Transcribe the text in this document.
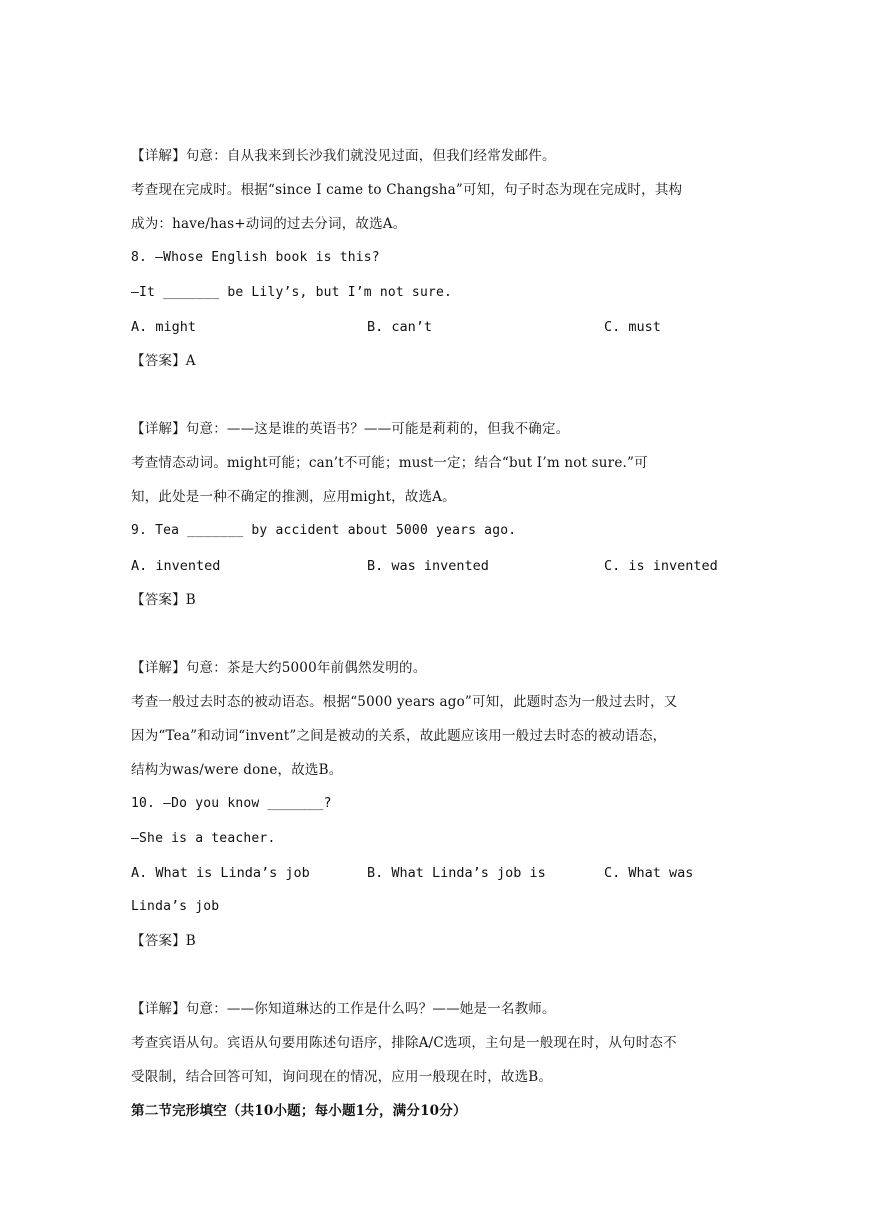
【详解】句意：自从我来到长沙我们就没见过面，但我们经常发邮件。
考查现在完成时。根据“since I came to Changsha”可知，句子时态为现在完成时，其构
成为：have/has+动词的过去分词，故选A。
8. —Whose English book is this?
—It _______ be Lily’s, but I’m not sure.
A. might	B. can’t	C. must
【答案】A
【详解】句意：——这是谁的英语书？——可能是莉莉的，但我不确定。
考查情态动词。might可能；can’t不可能；must一定；结合“but I’m not sure.”可
知，此处是一种不确定的推测，应用might，故选A。
9. Tea _______ by accident about 5000 years ago.
A. invented	B. was invented	C. is invented
【答案】B
【详解】句意：茶是大约5000年前偶然发明的。
考查一般过去时态的被动语态。根据“5000 years ago”可知，此题时态为一般过去时，又
因为“Tea”和动词“invent”之间是被动的关系，故此题应该用一般过去时态的被动语态，
结构为was/were done，故选B。
10. —Do you know _______?
—She is a teacher.
A. What is Linda’s job	B. What Linda’s job is	C. What was
Linda’s job
【答案】B
【详解】句意：——你知道琳达的工作是什么吗？——她是一名教师。
考查宾语从句。宾语从句要用陈述句语序，排除A/C选项，主句是一般现在时，从句时态不
受限制，结合回答可知，询问现在的情况，应用一般现在时，故选B。
第二节完形填空（共10小题；每小题1分，满分10分）
